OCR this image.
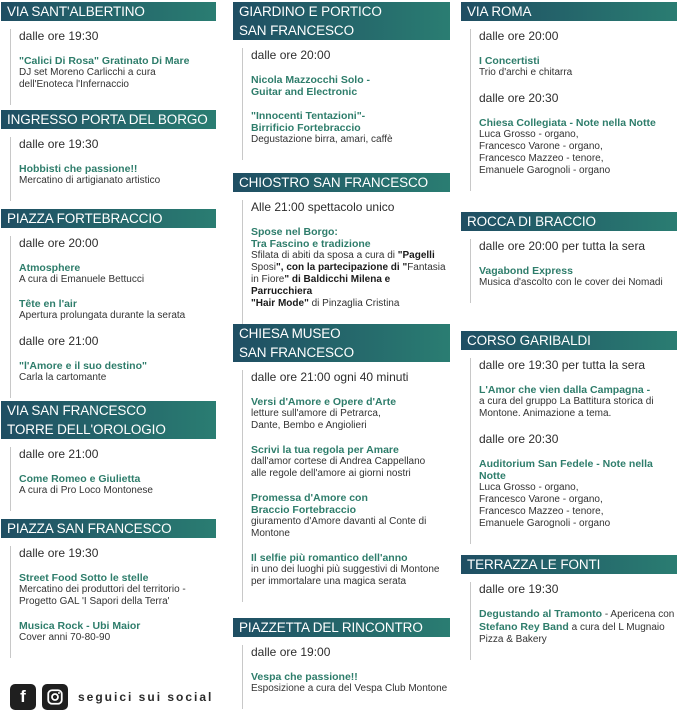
VIA SANT'ALBERTINO
dalle ore 19:30
"Calici Di Rosa" Gratinato Di Mare
DJ set Moreno Carlicchi a cura
dell'Enoteca l'Infernaccio
INGRESSO PORTA DEL BORGO
dalle ore 19:30
Hobbisti che passione!!
Mercatino di artigianato artistico
PIAZZA FORTEBRACCIO
dalle ore 20:00
Atmosphere
A cura di Emanuele Bettucci
Tête en l'air
Apertura prolungata durante la serata
dalle ore 21:00
"l'Amore e il suo destino"
Carla la cartomante
VIA SAN FRANCESCO
TORRE DELL'OROLOGIO
dalle ore 21:00
Come Romeo e Giulietta
A cura di Pro Loco Montonese
PIAZZA SAN FRANCESCO
dalle ore 19:30
Street Food Sotto le stelle
Mercatino dei produttori del territorio -
Progetto GAL 'I Sapori della Terra'
Musica Rock - Ubi Maior
Cover anni 70-80-90
GIARDINO E PORTICO
SAN FRANCESCO
dalle ore 20:00
Nicola Mazzocchi Solo -
Guitar and Electronic
"Innocenti Tentazioni"-
Birrificio Fortebraccio
Degustazione birra, amari, caffè
CHIOSTRO SAN FRANCESCO
Alle 21:00 spettacolo unico
Spose nel Borgo:
Tra Fascino e tradizione
Sfilata di abiti da sposa a cura di "Pagelli
Sposi", con la partecipazione di "Fantasia
in Fiore" di Baldicchi Milena e Parrucchiera
"Hair Mode" di Pinzaglia Cristina
CHIESA MUSEO
SAN FRANCESCO
dalle ore 21:00 ogni 40 minuti
Versi d'Amore e Opere d'Arte
letture sull'amore di Petrarca,
Dante, Bembo e Angiolieri
Scrivi la tua regola per Amare
dall'amor cortese di Andrea Cappellano
alle regole dell'amore ai giorni nostri
Promessa d'Amore con
Braccio Fortebraccio
giuramento d'Amore davanti al Conte di
Montone
Il selfie più romantico dell'anno
in uno dei luoghi più suggestivi di Montone
per immortalare una magica serata
PIAZZETTA DEL RINCONTRO
dalle ore 19:00
Vespa che passione!!
Esposizione a cura del Vespa Club Montone
VIA ROMA
dalle ore 20:00
I Concertisti
Trio d'archi e chitarra
dalle ore 20:30
Chiesa Collegiata - Note nella Notte
Luca Grosso - organo,
Francesco Varone - organo,
Francesco Mazzeo - tenore,
Emanuele Garognoli - organo
ROCCA DI BRACCIO
dalle ore 20:00 per tutta la sera
Vagabond Express
Musica d'ascolto con le cover dei Nomadi
CORSO GARIBALDI
dalle ore 19:30 per tutta la sera
L'Amor che vien dalla Campagna -
a cura del gruppo La Battitura storica di
Montone. Animazione a tema.
dalle ore 20:30
Auditorium San Fedele - Note nella Notte
Luca Grosso - organo,
Francesco Varone - organo,
Francesco Mazzeo - tenore,
Emanuele Garognoli - organo
TERRAZZA LE FONTI
dalle ore 19:30
Degustando al Tramonto - Apericena con
Stefano Rey Band a cura del L Mugnaio
Pizza & Bakery
f	seguici sui social
